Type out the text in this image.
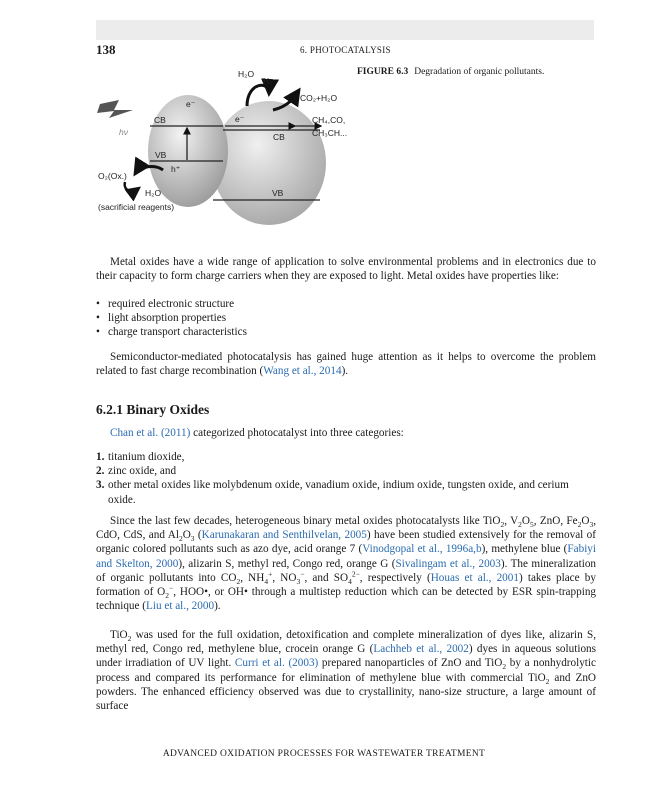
138	6. PHOTOCATALYSIS
FIGURE 6.3 Degradation of organic pollutants.
H₂O
H₂
CO₂+H₂O
CH₄,CO,
CH₃CH...
e⁻
CB	e⁻
CB
hν
VB
h⁺
O₂(Ox.)
H₂O
(sacrificial reagents)
VB

Metal oxides have a wide range of application to solve environmental problems and in electronics due to their capacity to form charge carriers when they are exposed to light. Metal oxides have properties like:

• required electronic structure
• light absorption properties
• charge transport characteristics

Semiconductor-mediated photocatalysis has gained huge attention as it helps to overcome the problem related to fast charge recombination (Wang et al., 2014).

6.2.1 Binary Oxides

Chan et al. (2011) categorized photocatalyst into three categories:

1. titanium dioxide,
2. zinc oxide, and
3. other metal oxides like molybdenum oxide, vanadium oxide, indium oxide, tungsten oxide, and cerium oxide.

Since the last few decades, heterogeneous binary metal oxides photocatalysts like TiO$_2$, $V_2O_5$, ZnO, $Fe_2O_3$, CdO, CdS, and $Al_2O_3$ (Karunakaran and Senthilvelan, 2005) have been studied extensively for the removal of organic colored pollutants such as azo dye, acid orange 7 (Vinodgopal et al., 1996a,b), methylene blue (Fabiyi and Skelton, 2000), alizarin S, methyl red, Congo red, orange G (Sivalingam et al., 2003). The mineralization of organic pollutants into $CO_2$, $NH_4^+$, $NO_3^-$, and $SO_4^{2-}$, respectively (Houas et al., 2001) takes place by formation of $O_2^-$, HOO•, or OH• through a multistep reduction which can be detected by ESR spin-trapping technique (Liu et al., 2000).

TiO$_2$ was used for the full oxidation, detoxification and complete mineralization of dyes like, alizarin S, methyl red, Congo red, methylene blue, crocein orange G (Lachheb et al., 2002) dyes in aqueous solutions under irradiation of UV light. Curri et al. (2003) prepared nanoparticles of ZnO and TiO$_2$ by a nonhydrolytic process and compared its performance for elimination of methylene blue with commercial TiO$_2$ and ZnO powders. The enhanced efficiency observed was due to crystallinity, nano-size structure, a large amount of surface

ADVANCED OXIDATION PROCESSES FOR WASTEWATER TREATMENT
